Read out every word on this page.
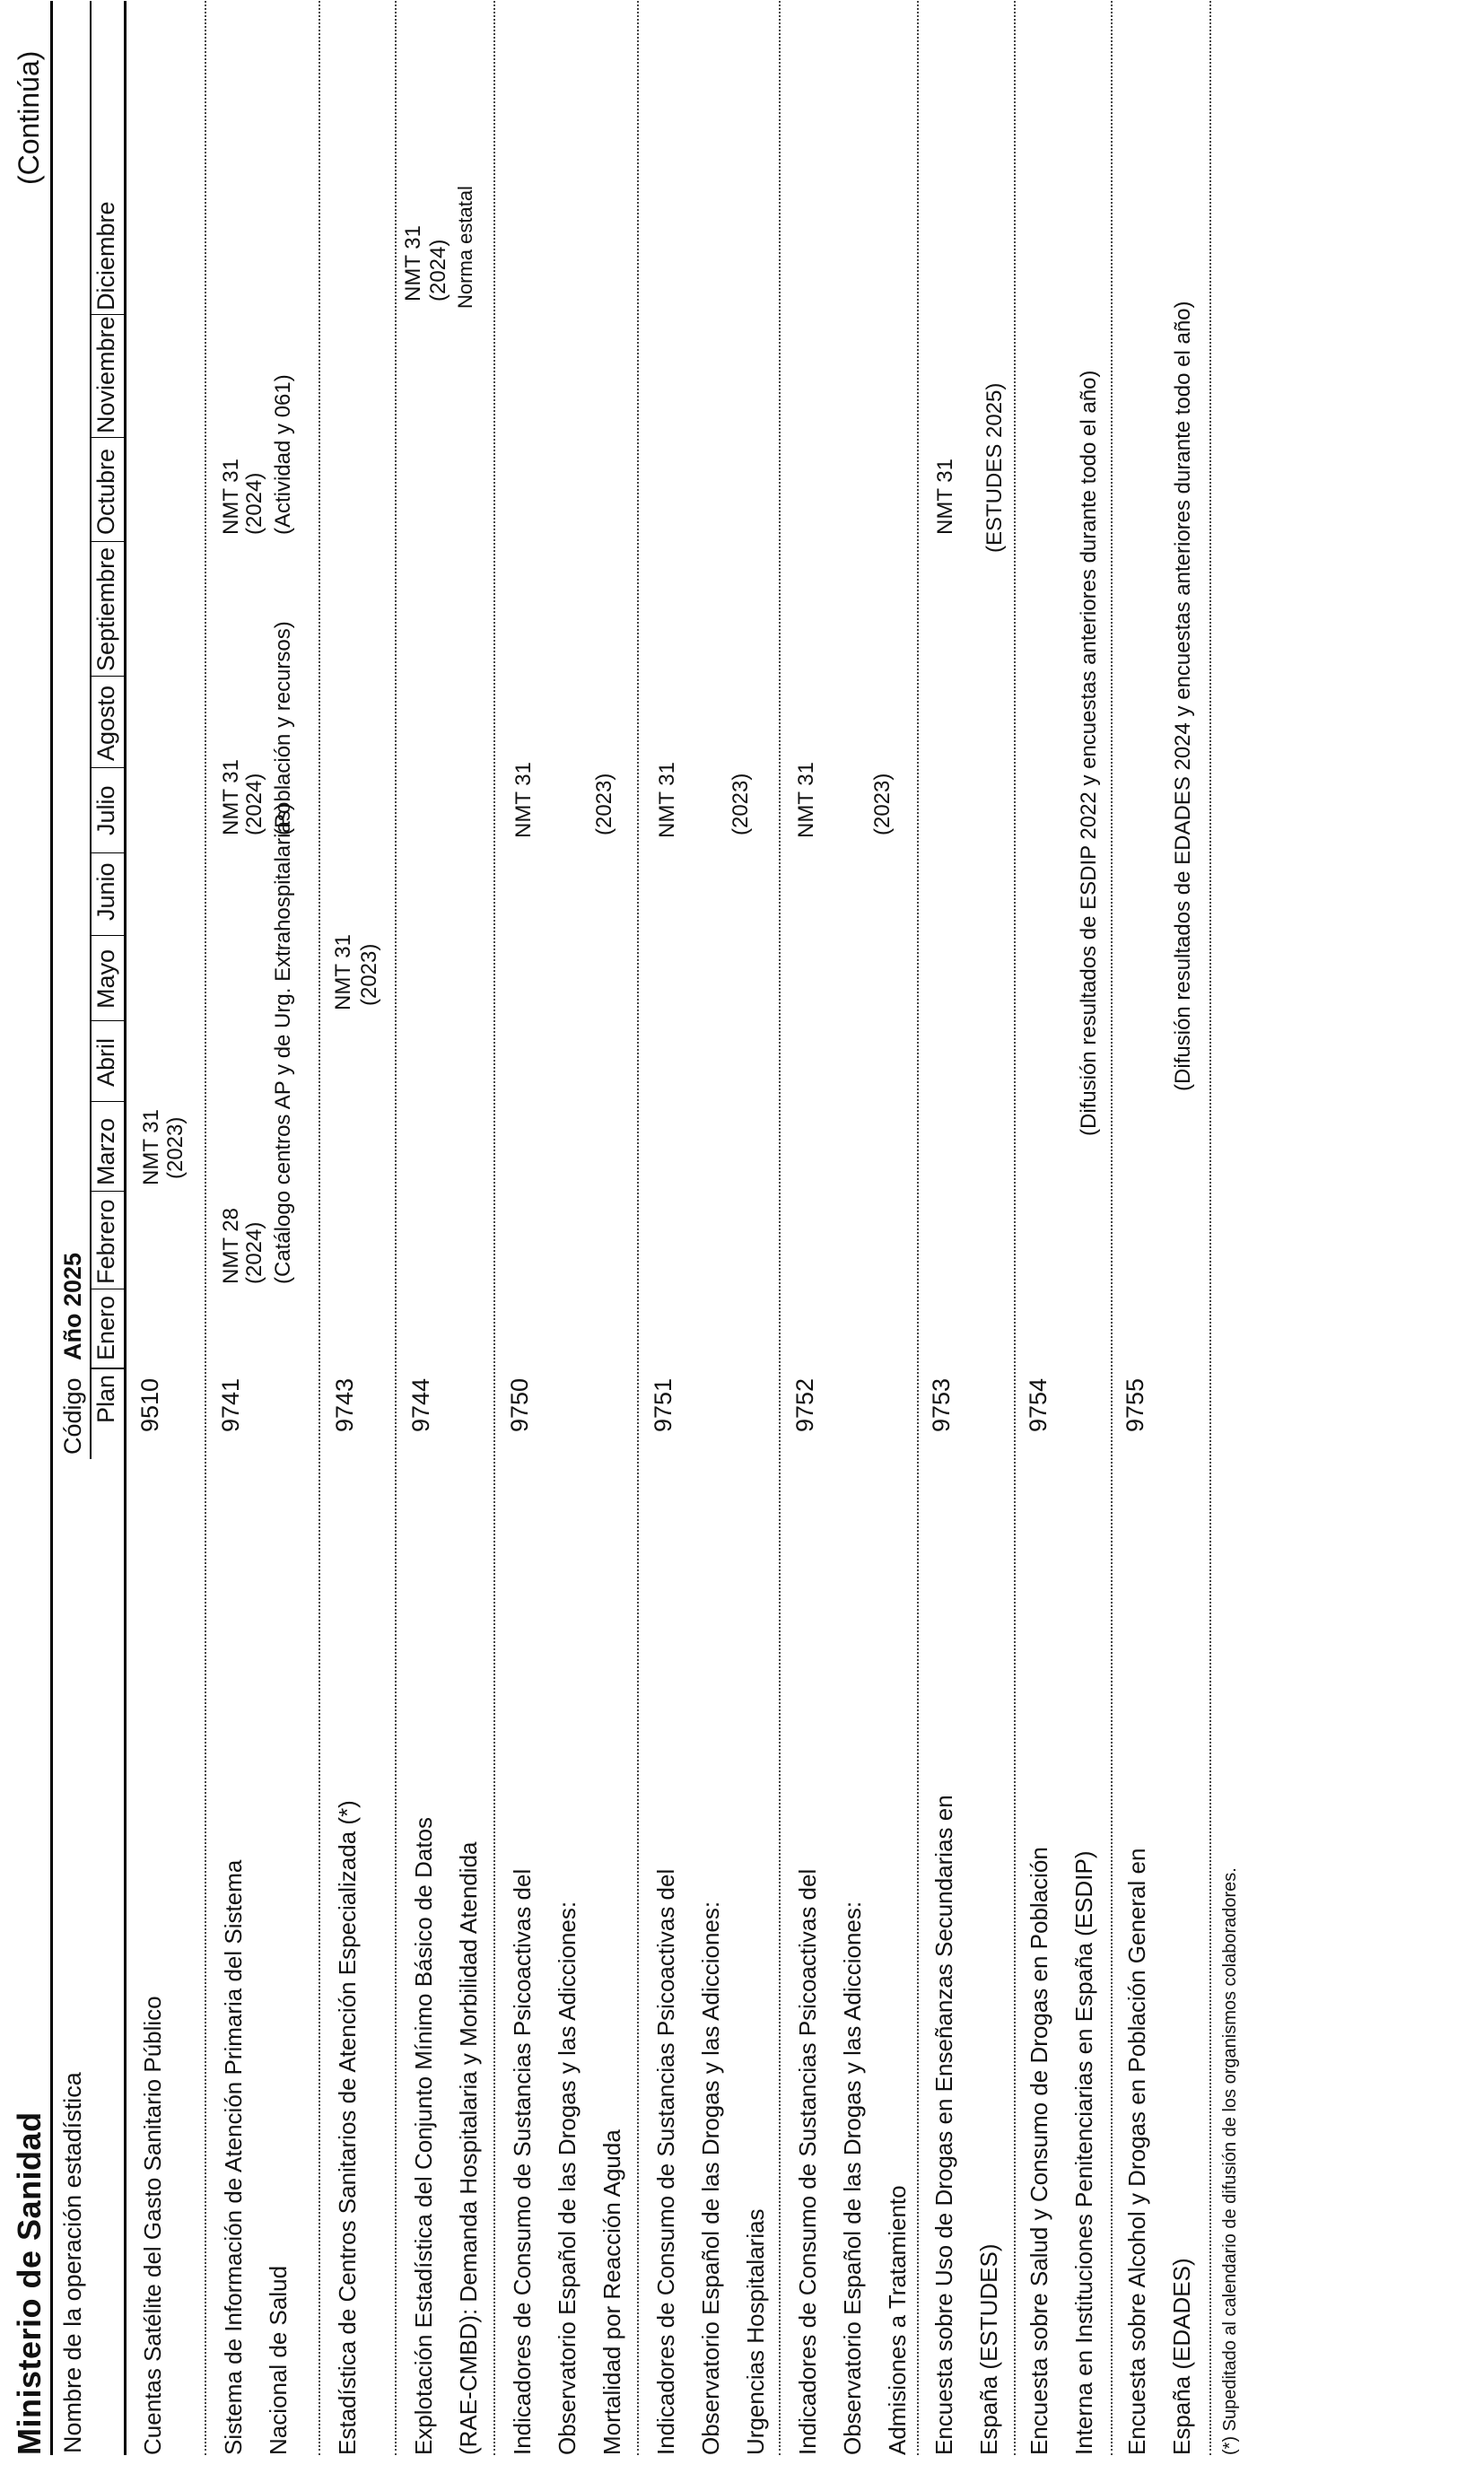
Ministerio de Sanidad
(Continúa)
Nombre de la operación estadística
Código Plan
Año 2025 Enero
Febrero
Marzo
Abril
Mayo
Junio
Julio
Agosto
Septiembre
Octubre
Noviembre
Diciembre
Cuentas Satélite del Gasto Sanitario Público
9510
NMT 31 (2023)
Sistema de Información de Atención Primaria del Sistema Nacional de Salud
9741
NMT 28 (2024) (Catálogo centros AP y de Urg. Extrahospitalarias)
NMT 31 (2024) (Población y recursos)
NMT 31 (2024) (Actividad y 061)
Estadística de Centros Sanitarios de Atención Especializada (*)
9743
NMT 31 (2023)
Explotación Estadística del Conjunto Mínimo Básico de Datos (RAE-CMBD): Demanda Hospitalaria y Morbilidad Atendida
9744
NMT 31 (2024) Norma estatal
Indicadores de Consumo de Sustancias Psicoactivas del Observatorio Español de las Drogas y las Adicciones: Mortalidad por Reacción Aguda
9750
NMT 31	(2023)
Indicadores de Consumo de Sustancias Psicoactivas del Observatorio Español de las Drogas y las Adicciones: Urgencias Hospitalarias
9751
NMT 31 (2023)
Indicadores de Consumo de Sustancias Psicoactivas del Observatorio Español de las Drogas y las Adicciones: Admisiones a Tratamiento
9752
NMT 31 (2023)
Encuesta sobre Uso de Drogas en Enseñanzas Secundarias en España (ESTUDES)
9753
NMT 31 (ESTUDES 2025)
Encuesta sobre Salud y Consumo de Drogas en Población Interna en Instituciones Penitenciarias en España (ESDIP)
9754
(Difusión resultados de ESDIP 2022 y encuestas anteriores durante todo el año)
Encuesta sobre Alcohol y Drogas en Población General en España (EDADES)
9755
(Difusión resultados de EDADES 2024 y encuestas anteriores durante todo el año)
(*) Supeditado al calendario de difusión de los organismos colaboradores.
